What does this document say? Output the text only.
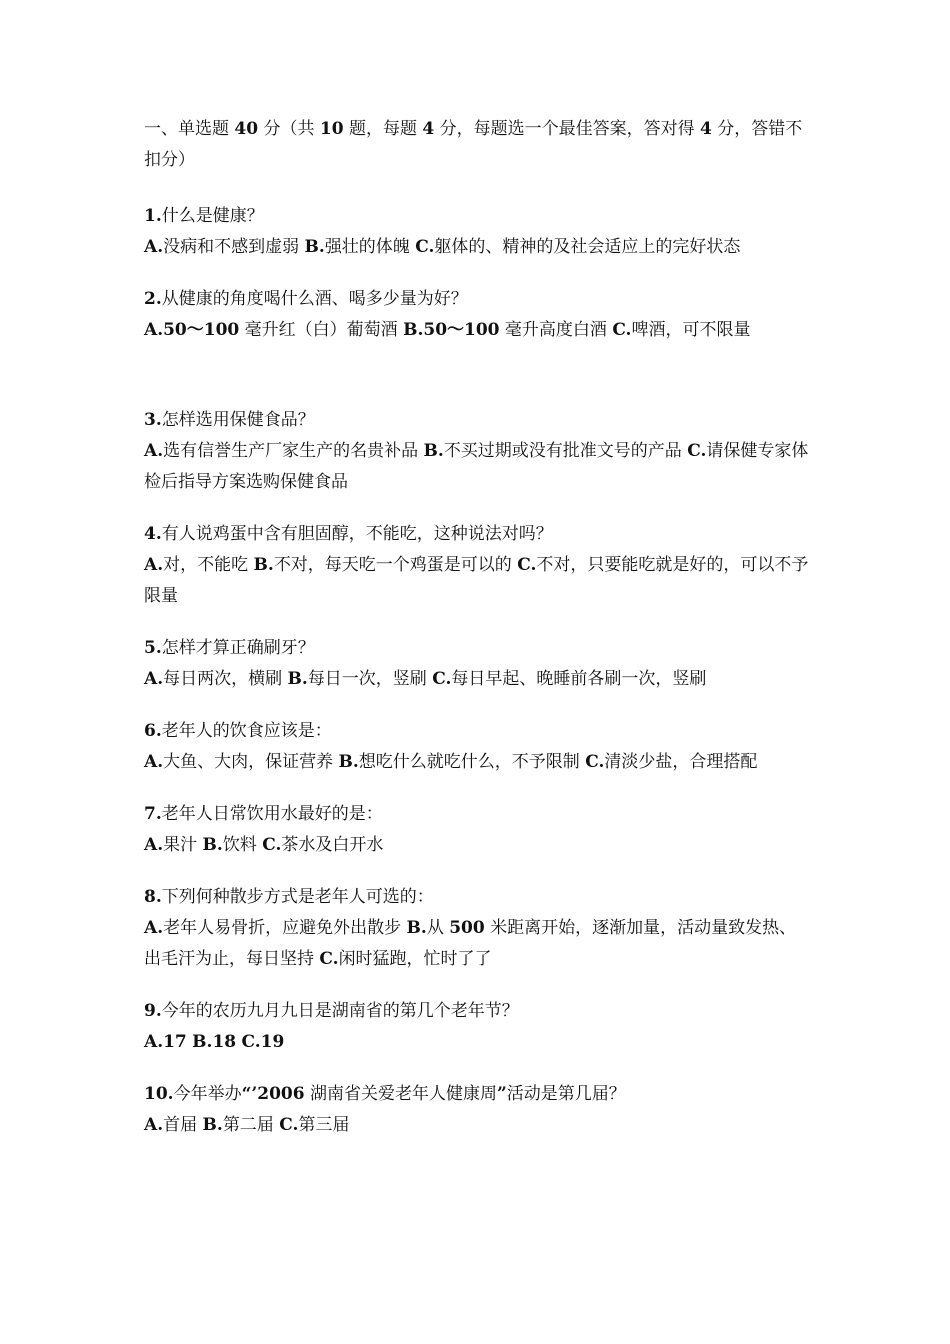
一、单选题 40 分（共 10 题，每题 4 分，每题选一个最佳答案，答对得 4 分，答错不扣分）

1.什么是健康？
A.没病和不感到虚弱 B.强壮的体魄 C.躯体的、精神的及社会适应上的完好状态
2.从健康的角度喝什么酒、喝多少量为好？
A.50～100 毫升红（白）葡萄酒 B.50～100 毫升高度白酒 C.啤酒，可不限量
3.怎样选用保健食品？
A.选有信誉生产厂家生产的名贵补品 B.不买过期或没有批准文号的产品 C.请保健专家体检后指导方案选购保健食品
4.有人说鸡蛋中含有胆固醇，不能吃，这种说法对吗？
A.对，不能吃 B.不对，每天吃一个鸡蛋是可以的 C.不对，只要能吃就是好的，可以不予限量
5.怎样才算正确刷牙？
A.每日两次，横刷 B.每日一次，竖刷 C.每日早起、晚睡前各刷一次，竖刷
6.老年人的饮食应该是：
A.大鱼、大肉，保证营养 B.想吃什么就吃什么，不予限制 C.清淡少盐，合理搭配
7.老年人日常饮用水最好的是：
A.果汁 B.饮料 C.茶水及白开水
8.下列何种散步方式是老年人可选的：
A.老年人易骨折，应避免外出散步 B.从 500 米距离开始，逐渐加量，活动量致发热、出毛汗为止，每日坚持 C.闲时猛跑，忙时了了
9.今年的农历九月九日是湖南省的第几个老年节？
A.17 B.18 C.19
10.今年举办“’2006 湖南省关爱老年人健康周”活动是第几届？
A.首届 B.第二届 C.第三届
